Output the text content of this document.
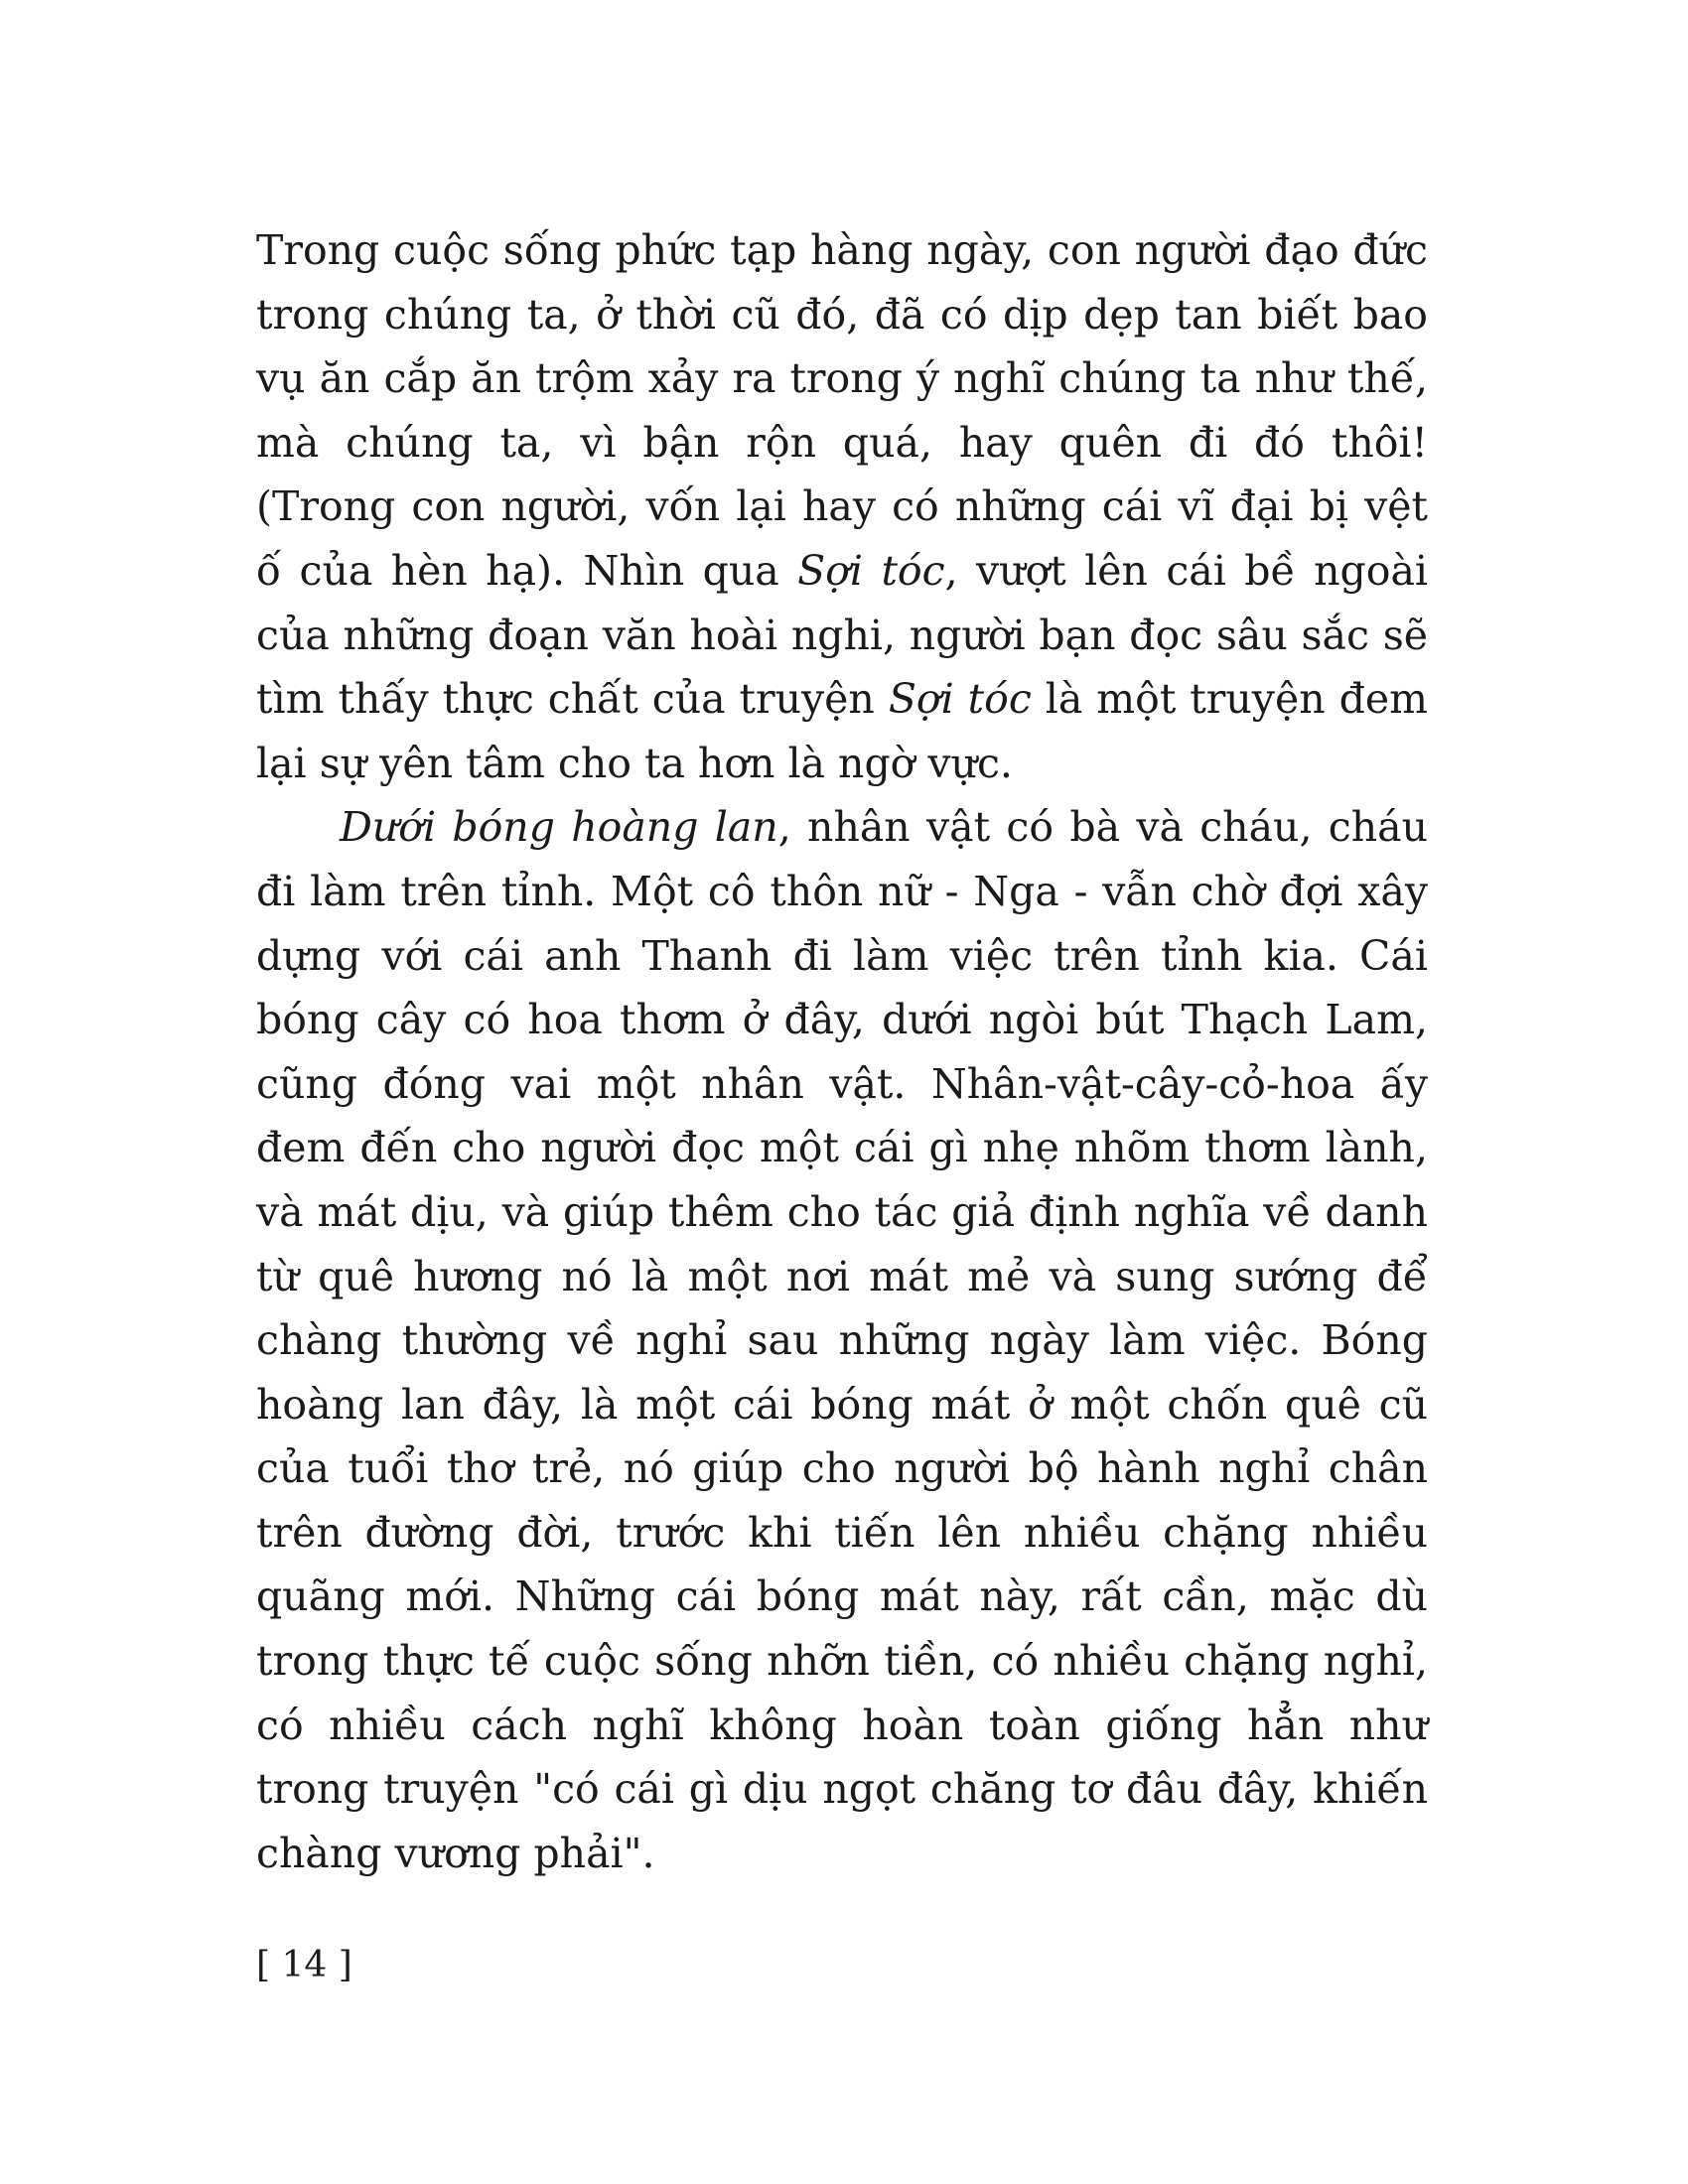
Trong cuộc sống phức tạp hàng ngày, con người đạo đức trong chúng ta, ở thời cũ đó, đã có dịp dẹp tan biết bao vụ ăn cắp ăn trộm xảy ra trong ý nghĩ chúng ta như thế, mà chúng ta, vì bận rộn quá, hay quên đi đó thôi! (Trong con người, vốn lại hay có những cái vĩ đại bị vệt ố của hèn hạ). Nhìn qua Sợi tóc, vượt lên cái bề ngoài của những đoạn văn hoài nghi, người bạn đọc sâu sắc sẽ tìm thấy thực chất của truyện Sợi tóc là một truyện đem lại sự yên tâm cho ta hơn là ngờ vực.

Dưới bóng hoàng lan, nhân vật có bà và cháu, cháu đi làm trên tỉnh. Một cô thôn nữ - Nga - vẫn chờ đợi xây dựng với cái anh Thanh đi làm việc trên tỉnh kia. Cái bóng cây có hoa thơm ở đây, dưới ngòi bút Thạch Lam, cũng đóng vai một nhân vật. Nhân-vật-cây-cỏ-hoa ấy đem đến cho người đọc một cái gì nhẹ nhõm thơm lành, và mát dịu, và giúp thêm cho tác giả định nghĩa về danh từ quê hương nó là một nơi mát mẻ và sung sướng để chàng thường về nghỉ sau những ngày làm việc. Bóng hoàng lan đây, là một cái bóng mát ở một chốn quê cũ của tuổi thơ trẻ, nó giúp cho người bộ hành nghỉ chân trên đường đời, trước khi tiến lên nhiều chặng nhiều quãng mới. Những cái bóng mát này, rất cần, mặc dù trong thực tế cuộc sống nhỡn tiền, có nhiều chặng nghỉ, có nhiều cách nghĩ không hoàn toàn giống hẳn như trong truyện "có cái gì dịu ngọt chăng tơ đâu đây, khiến chàng vương phải".

[ 14 ]
